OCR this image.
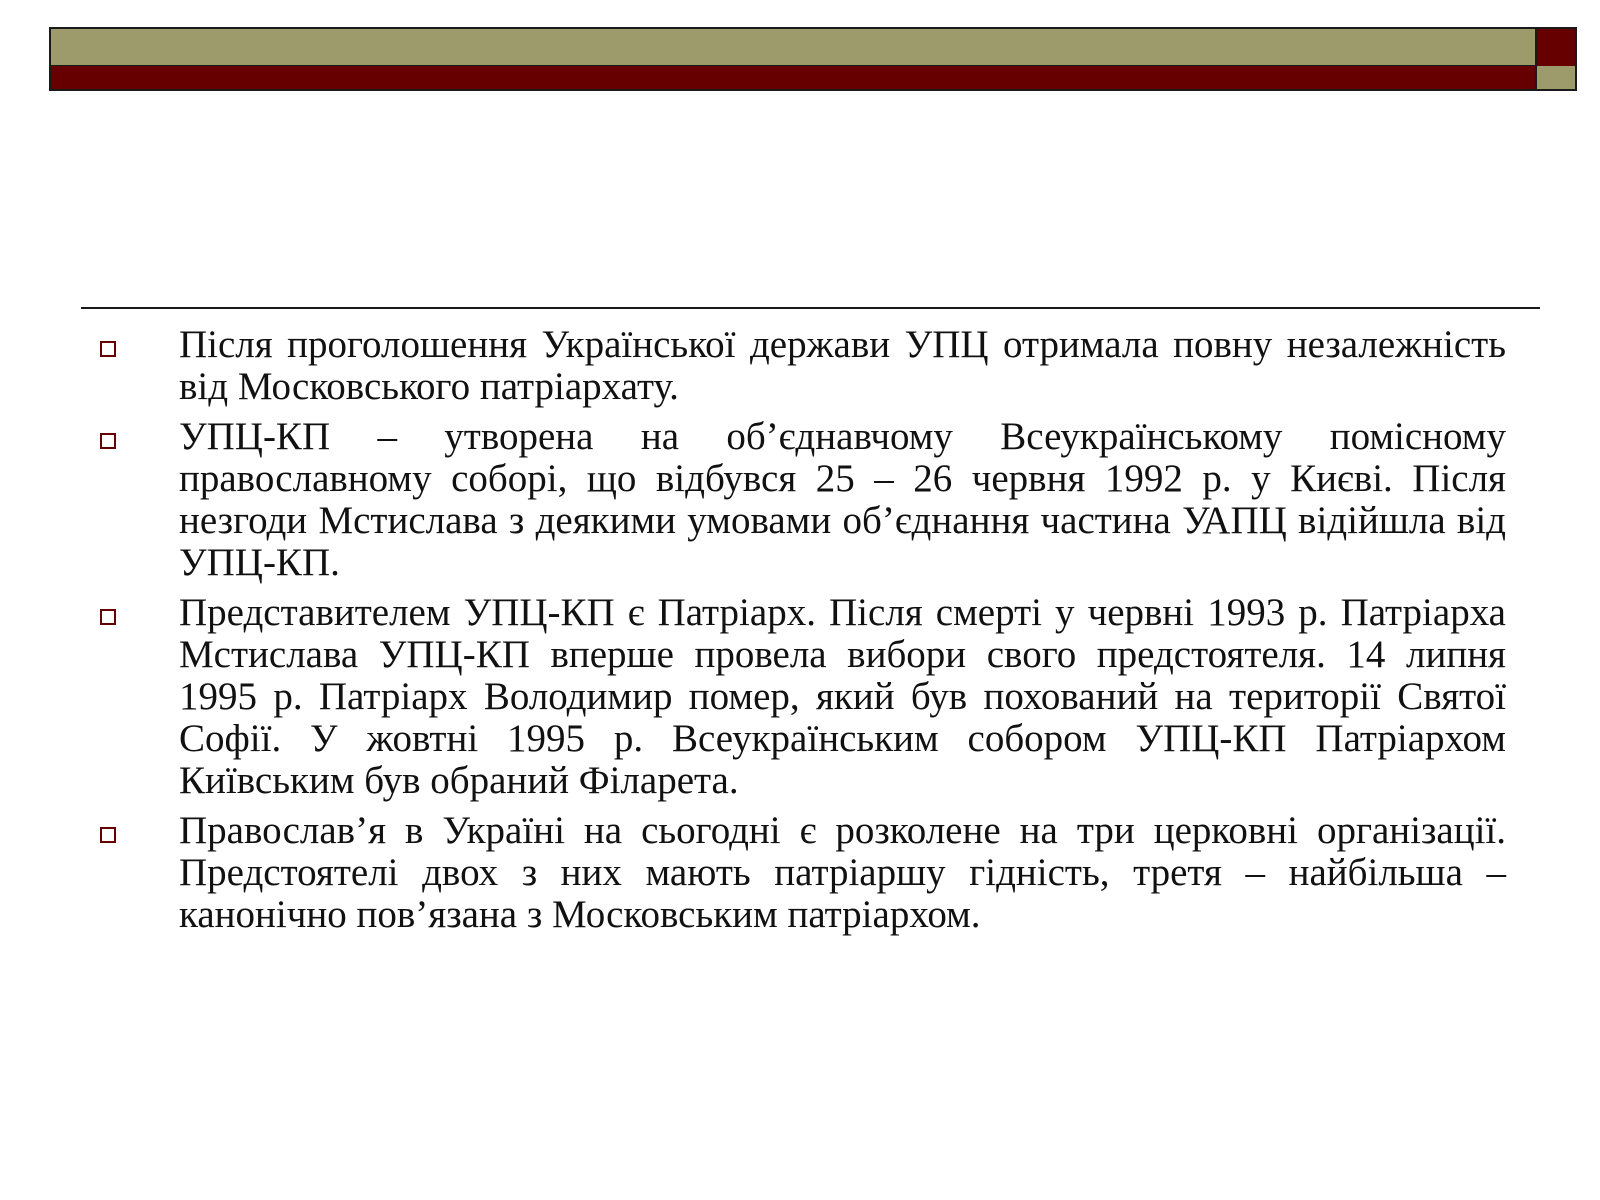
Після проголошення Української держави УПЦ отримала повну незалежність від Московського патріархату.
УПЦ-КП – утворена на об’єднавчому Всеукраїнському помісному православному соборі, що відбувся 25 – 26 червня 1992 р. у Києві. Після незгоди Мстислава з деякими умовами об’єднання частина УАПЦ відійшла від УПЦ-КП.
Представителем УПЦ-КП є Патріарх. Після смерті у червні 1993 р. Патріарха Мстислава УПЦ-КП вперше провела вибори свого предстоятеля. 14 липня 1995 р. Патріарх Володимир помер, який був похований на території Святої Софії. У жовтні 1995 р. Всеукраїнським собором УПЦ-КП Патріархом Київським був обраний Філарета.
Православ’я в Україні на сьогодні є розколене на три церковні організації. Предстоятелі двох з них мають патріаршу гідність, третя – найбільша – канонічно пов’язана з Московським патріархом.
